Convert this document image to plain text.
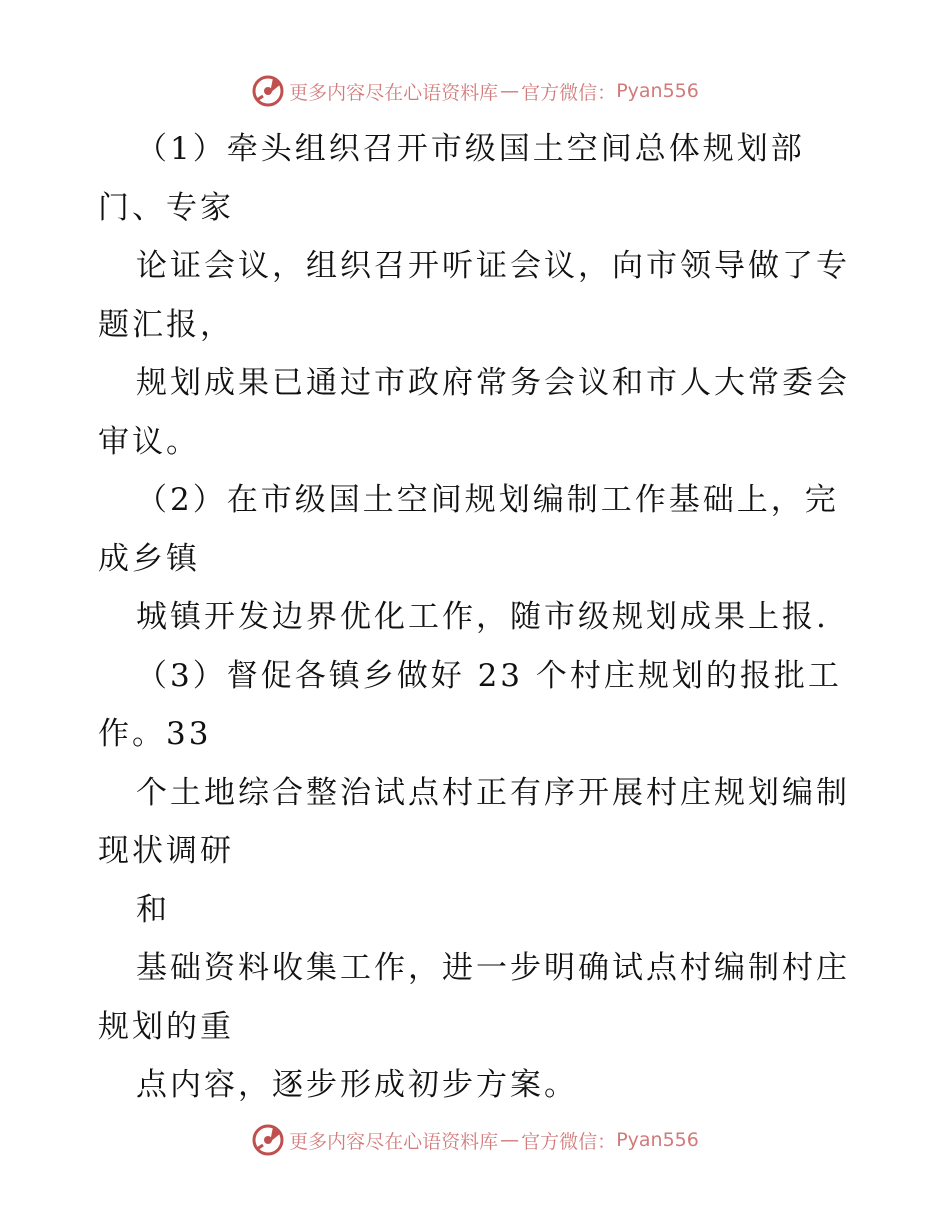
更多内容尽在心语资料库 — 官方微信： Pyan556

（1）牵头组织召开市级国土空间总体规划部门、专家

论证会议，组织召开听证会议，向市领导做了专题汇报，

规划成果已通过市政府常务会议和市人大常委会审议。

（2）在市级国土空间规划编制工作基础上，完成乡镇

城镇开发边界优化工作，随市级规划成果上报.

（3）督促各镇乡做好 23 个村庄规划的报批工作。33

个土地综合整治试点村正有序开展村庄规划编制现状调研

和

基础资料收集工作，进一步明确试点村编制村庄规划的重

点内容，逐步形成初步方案。

更多内容尽在心语资料库 — 官方微信： Pyan556
